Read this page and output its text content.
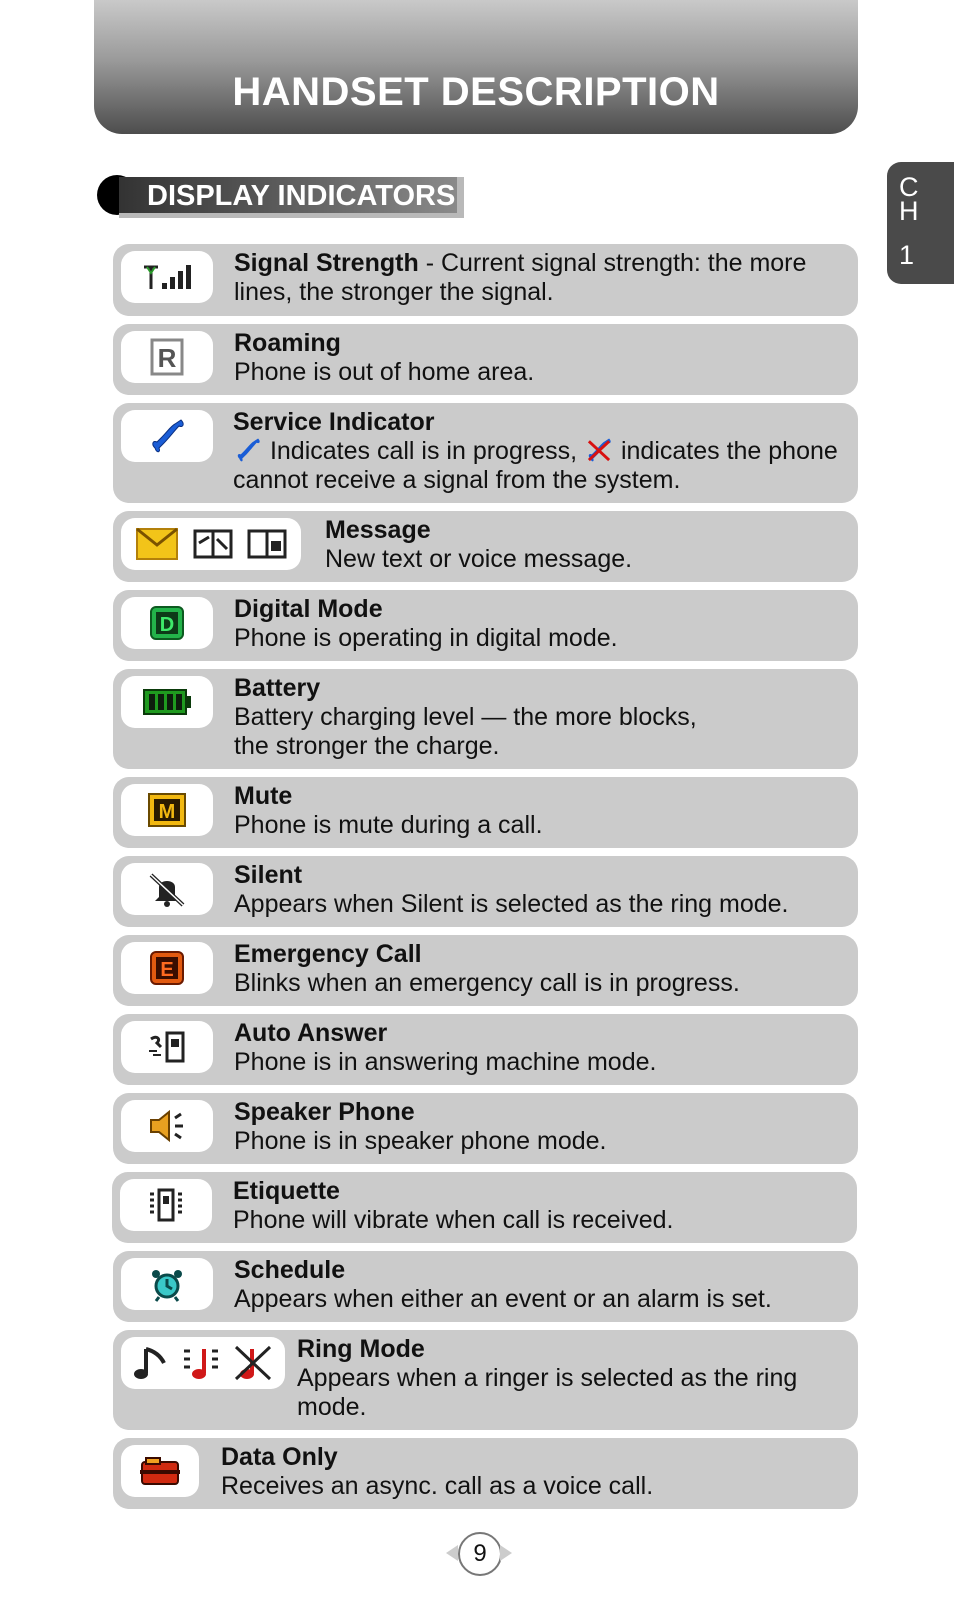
HANDSET DESCRIPTION
DISPLAY INDICATORS	C
H
1
Signal Strength - Current signal strength: the more lines, the stronger the signal.
R Roaming
Phone is out of home area.
Service Indicator
Indicates call is in progress, indicates the phone cannot receive a signal from the system.
Message
New text or voice message.
D
Digital Mode
Phone is operating in digital mode.
Battery
Battery charging level — the more blocks,
the stronger the charge.
M
Mute
Phone is mute during a call.
Silent
Appears when Silent is selected as the ring mode.
E
Emergency Call
Blinks when an emergency call is in progress.
Auto Answer
Phone is in answering machine mode.
Speaker Phone
Phone is in speaker phone mode.
Etiquette
Phone will vibrate when call is received.
Schedule
Appears when either an event or an alarm is set.
Ring Mode
Appears when a ringer is selected as the ring mode.
Data Only
Receives an async. call as a voice call.
9
